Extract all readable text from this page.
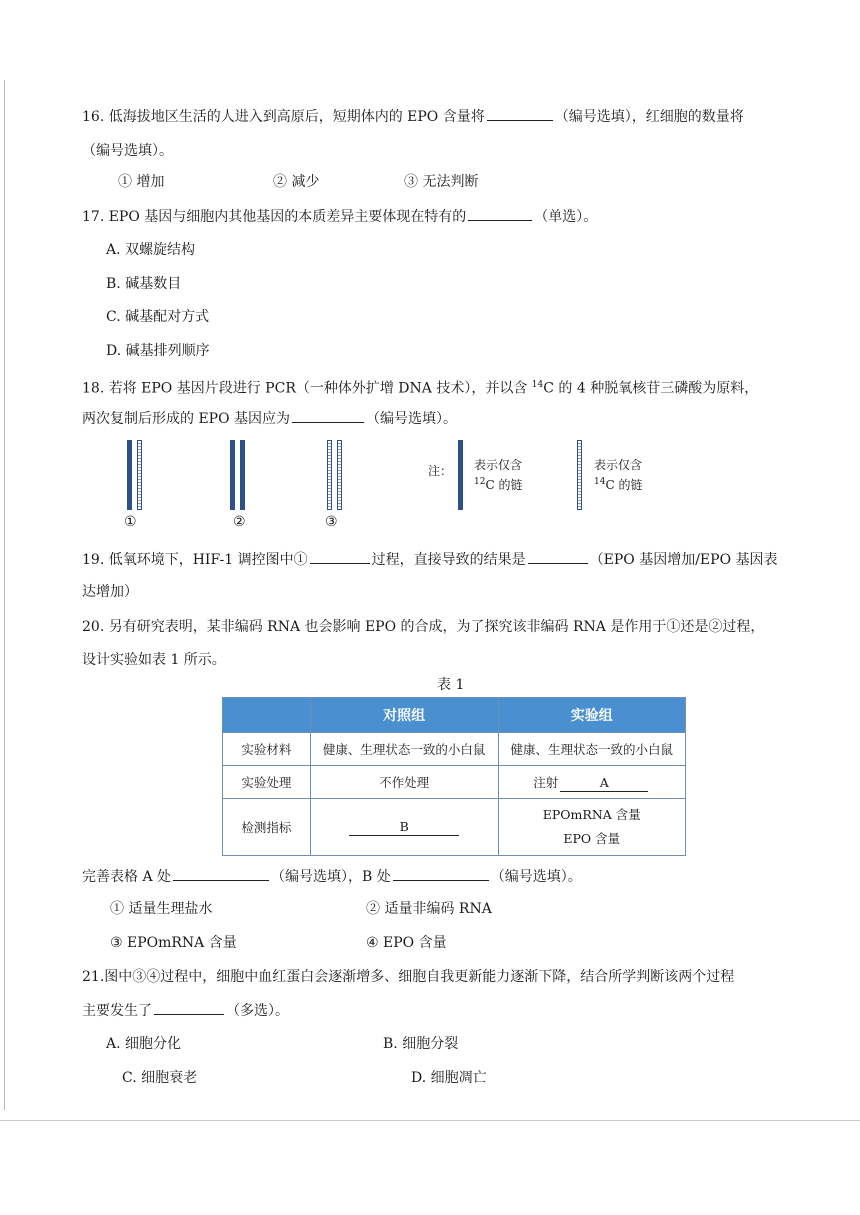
16. 低海拔地区生活的人进入到高原后，短期体内的 EPO 含量将	（编号选填），红细胞的数量将
（编号选填）。
① 增加	② 减少	③ 无法判断
17. EPO 基因与细胞内其他基因的本质差异主要体现在特有的	（单选）。
A. 双螺旋结构
B. 碱基数目
C. 碱基配对方式
D. 碱基排列顺序
18. 若将 EPO 基因片段进行 PCR（一种体外扩增 DNA 技术），并以含 $^{14}$C 的 4 种脱氧核苷三磷酸为原料，
两次复制后形成的 EPO 基因应为	（编号选填）。
①	②	③
注： 表示仅含
$^{12}$C 的链
表示仅含
$^{14}$C 的链
19. 低氧环境下，HIF-1 调控图中①	过程，直接导致的结果是	（EPO 基因增加/EPO 基因表
达增加）
20. 另有研究表明，某非编码 RNA 也会影响 EPO 的合成，为了探究该非编码 RNA 是作用于①还是②过程，
设计实验如表 1 所示。
表 1
	对照组	实验组
实验材料	健康、生理状态一致的小白鼠	健康、生理状态一致的小白鼠
实验处理	不作处理	注射 A
检测指标	B	EPOmRNA 含量
EPO 含量
完善表格 A 处	（编号选填），B 处	（编号选填）。
① 适量生理盐水	② 适量非编码 RNA
③ EPOmRNA 含量	④ EPO 含量
21.图中③④过程中，细胞中血红蛋白会逐渐增多、细胞自我更新能力逐渐下降，结合所学判断该两个过程
主要发生了	（多选）。
A. 细胞分化	B. 细胞分裂
C. 细胞衰老	D. 细胞凋亡
